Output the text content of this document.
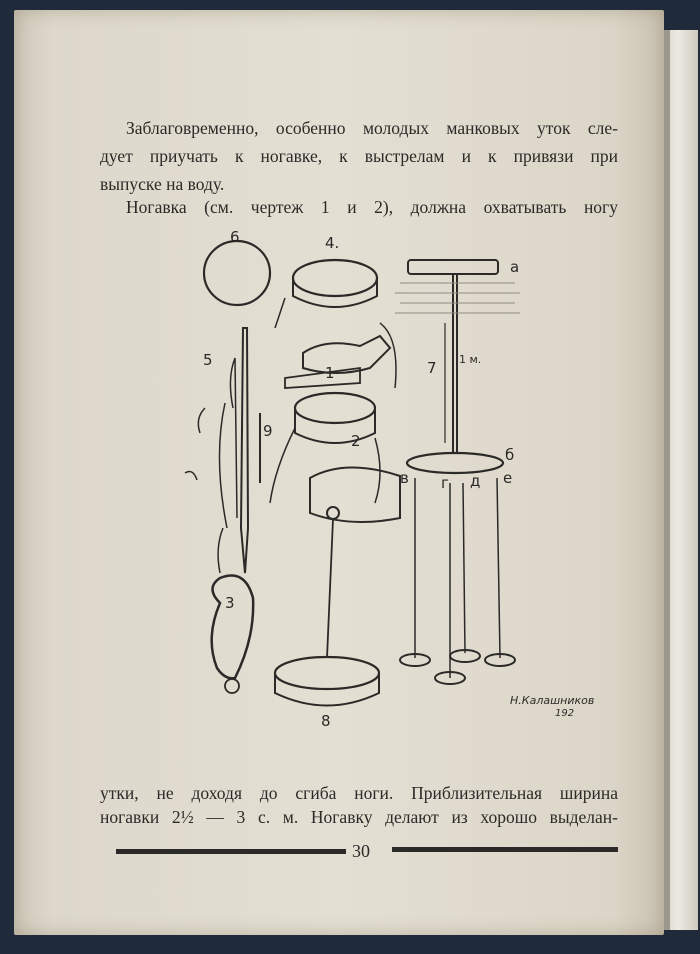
Заблаговременно, особенно молодых манковых уток сле-
дует приучать к ногавке, к выстрелам и к привязи при
выпуске на воду.
Ногавка (см. чертеж 1 и 2), должна охватывать ногу
6	4.
a
5	7 1 м.
1
9
2
б
в г д е
3
8
Н.Калашников
192
утки, не доходя до сгиба ноги. Приблизительная ширина
ногавки 2½ — 3 с. м. Ногавку делают из хорошо выделан-
30
